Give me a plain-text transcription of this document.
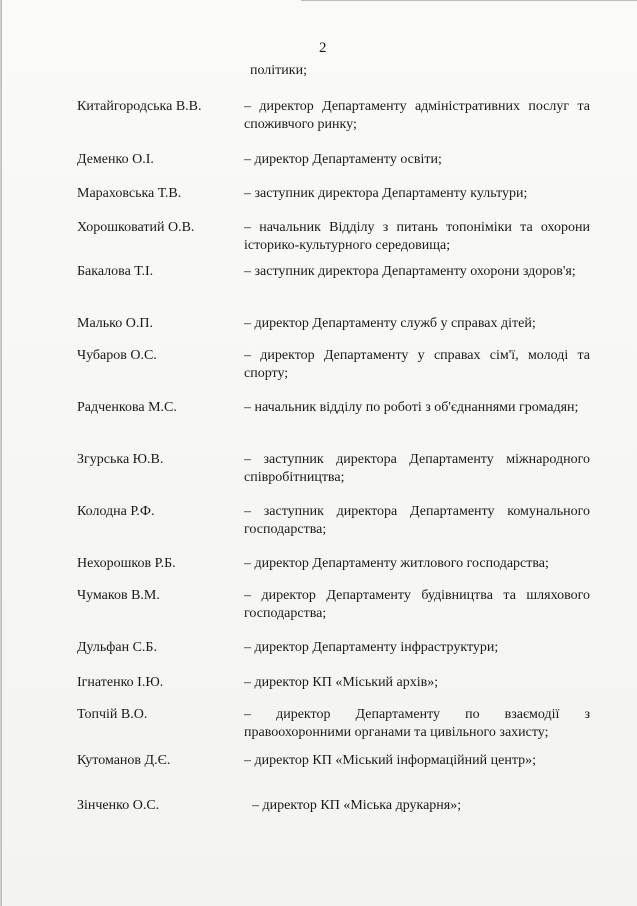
2
політики;
Китайгородська В.В.	– директор Департаменту адміністративних послуг та споживчого ринку;
Деменко О.І.	– директор Департаменту освіти;
Мараховська Т.В.	– заступник директора Департаменту культури;
Хорошковатий О.В.	– начальник Відділу з питань топоніміки та охорони історико-культурного середовища;
Бакалова Т.І.	– заступник директора Департаменту охорони здоров'я;
Малько О.П.	– директор Департаменту служб у справах дітей;
Чубаров О.С.	– директор Департаменту у справах сім'ї, молоді та спорту;
Радченкова М.С.	– начальник відділу по роботі з об'єднаннями громадян;
Згурська Ю.В.	– заступник директора Департаменту міжнародного співробітництва;
Колодна Р.Ф.	– заступник директора Департаменту комунального господарства;
Нехорошков Р.Б.	– директор Департаменту житлового господарства;
Чумаков В.М.	– директор Департаменту будівництва та шляхового господарства;
Дульфан С.Б.	– директор Департаменту інфраструктури;
Ігнатенко І.Ю.	– директор КП «Міський архів»;
Топчій В.О.	– директор Департаменту по взаємодії з правоохоронними органами та цивільного захисту;
Кутоманов Д.Є.	– директор КП «Міський інформаційний центр»;
Зінченко О.С.	– директор КП «Міська друкарня»;
